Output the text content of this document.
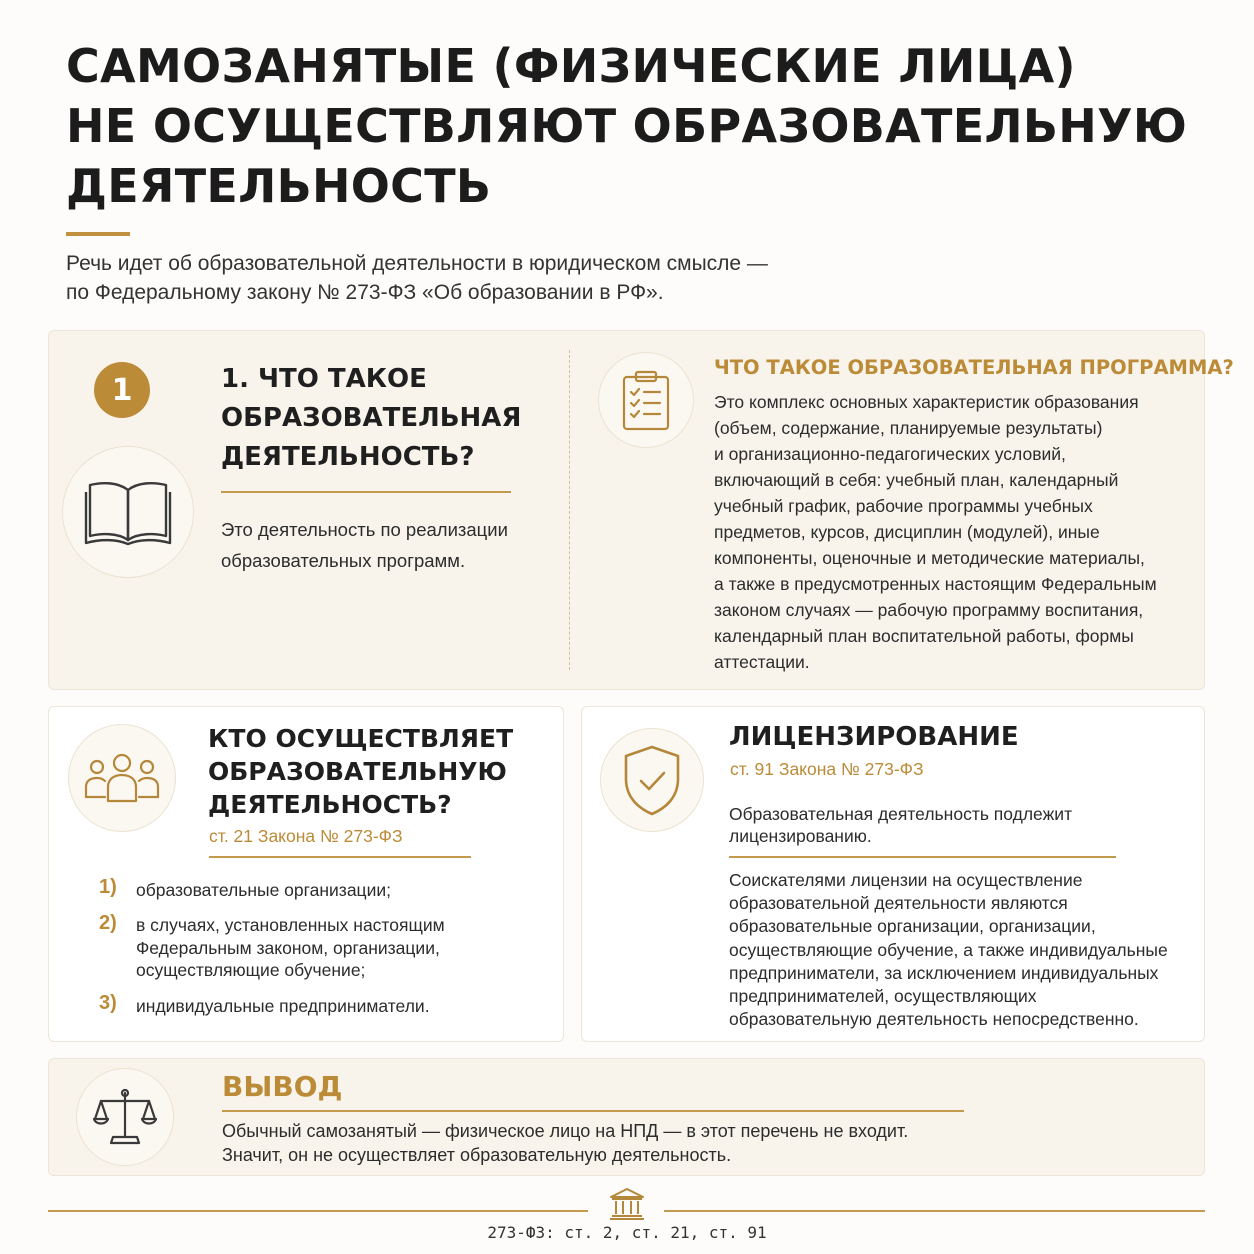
САМОЗАНЯТЫЕ (ФИЗИЧЕСКИЕ ЛИЦА)
НЕ ОСУЩЕСТВЛЯЮТ ОБРАЗОВАТЕЛЬНУЮ
ДЕЯТЕЛЬНОСТЬ
Речь идет об образовательной деятельности в юридическом смысле —
по Федеральному закону № 273-ФЗ «Об образовании в РФ».
1	1. ЧТО ТАКОЕ
ОБРАЗОВАТЕЛЬНАЯ
ДЕЯТЕЛЬНОСТЬ?
Это деятельность по реализации
образовательных программ.
ЧТО ТАКОЕ ОБРАЗОВАТЕЛЬНАЯ ПРОГРАММА?
Это комплекс основных характеристик образования
(объем, содержание, планируемые результаты)
и организационно-педагогических условий,
включающий в себя: учебный план, календарный
учебный график, рабочие программы учебных
предметов, курсов, дисциплин (модулей), иные
компоненты, оценочные и методические материалы,
а также в предусмотренных настоящим Федеральным
законом случаях — рабочую программу воспитания,
календарный план воспитательной работы, формы
аттестации.
КТО ОСУЩЕСТВЛЯЕТ
ОБРАЗОВАТЕЛЬНУЮ
ДЕЯТЕЛЬНОСТЬ?
ст. 21 Закона № 273-ФЗ
1) образовательные организации;
2) в случаях, установленных настоящим
Федеральным законом, организации,
осуществляющие обучение;
3) индивидуальные предприниматели.
ЛИЦЕНЗИРОВАНИЕ
ст. 91 Закона № 273-ФЗ
Образовательная деятельность подлежит
лицензированию.
Соискателями лицензии на осуществление
образовательной деятельности являются
образовательные организации, организации,
осуществляющие обучение, а также индивидуальные
предприниматели, за исключением индивидуальных
предпринимателей, осуществляющих
образовательную деятельность непосредственно.
ВЫВОД
Обычный самозанятый — физическое лицо на НПД — в этот перечень не входит.
Значит, он не осуществляет образовательную деятельность.
273-ФЗ: ст. 2, ст. 21, ст. 91
